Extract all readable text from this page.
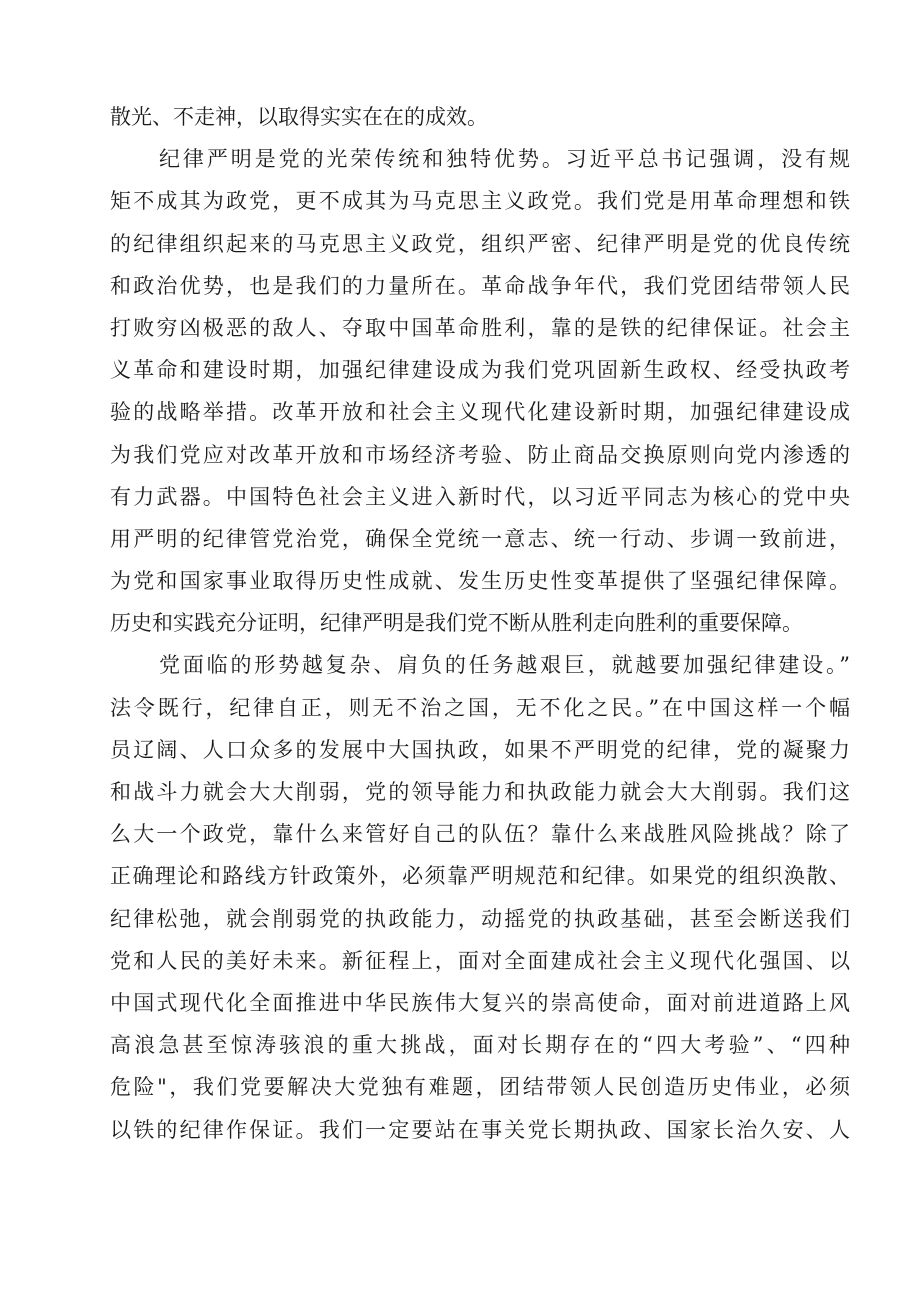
散光、不走神，以取得实实在在的成效。
纪律严明是党的光荣传统和独特优势。习近平总书记强调，没有规
矩不成其为政党，更不成其为马克思主义政党。我们党是用革命理想和铁
的纪律组织起来的马克思主义政党，组织严密、纪律严明是党的优良传统
和政治优势，也是我们的力量所在。革命战争年代，我们党团结带领人民
打败穷凶极恶的敌人、夺取中国革命胜利，靠的是铁的纪律保证。社会主
义革命和建设时期，加强纪律建设成为我们党巩固新生政权、经受执政考
验的战略举措。改革开放和社会主义现代化建设新时期，加强纪律建设成
为我们党应对改革开放和市场经济考验、防止商品交换原则向党内渗透的
有力武器。中国特色社会主义进入新时代，以习近平同志为核心的党中央
用严明的纪律管党治党，确保全党统一意志、统一行动、步调一致前进，
为党和国家事业取得历史性成就、发生历史性变革提供了坚强纪律保障。
历史和实践充分证明，纪律严明是我们党不断从胜利走向胜利的重要保障。
党面临的形势越复杂、肩负的任务越艰巨，就越要加强纪律建设。”
法令既行，纪律自正，则无不治之国，无不化之民。”在中国这样一个幅
员辽阔、人口众多的发展中大国执政，如果不严明党的纪律，党的凝聚力
和战斗力就会大大削弱，党的领导能力和执政能力就会大大削弱。我们这
么大一个政党，靠什么来管好自己的队伍？靠什么来战胜风险挑战？除了
正确理论和路线方针政策外，必须靠严明规范和纪律。如果党的组织涣散、
纪律松弛，就会削弱党的执政能力，动摇党的执政基础，甚至会断送我们
党和人民的美好未来。新征程上，面对全面建成社会主义现代化强国、以
中国式现代化全面推进中华民族伟大复兴的崇高使命，面对前进道路上风
高浪急甚至惊涛骇浪的重大挑战，面对长期存在的“四大考验”、“四种
危险"，我们党要解决大党独有难题，团结带领人民创造历史伟业，必须
以铁的纪律作保证。我们一定要站在事关党长期执政、国家长治久安、人
